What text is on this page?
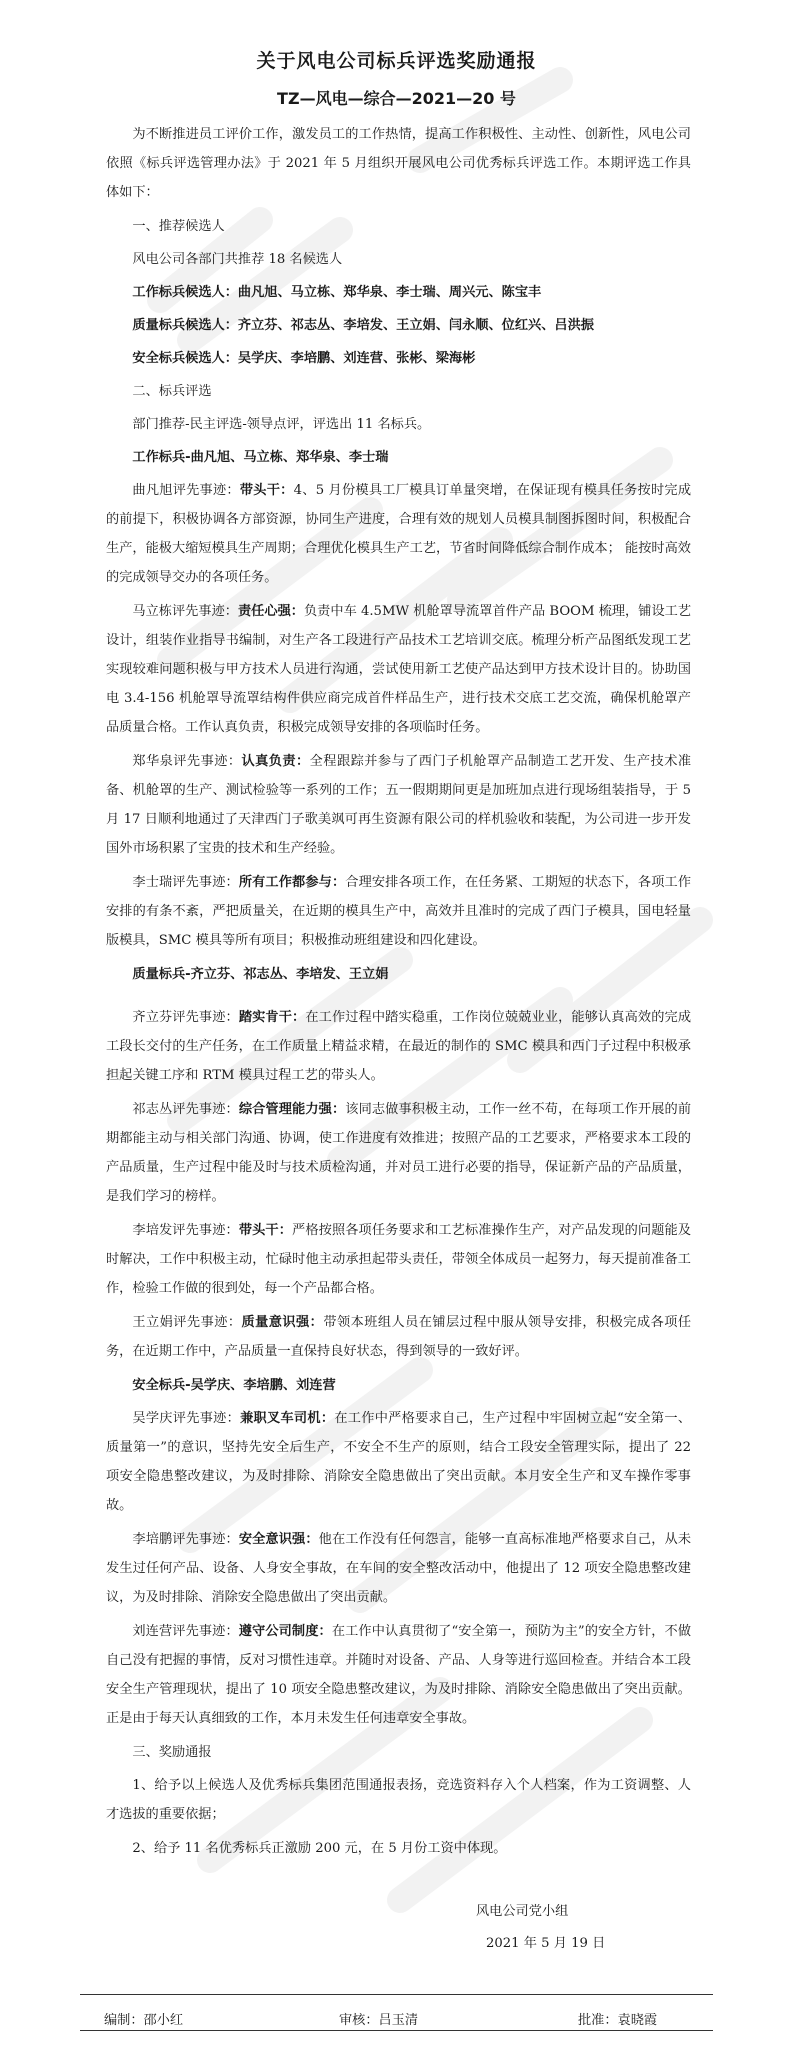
关于风电公司标兵评选奖励通报
TZ—风电—综合—2021—20 号

为不断推进员工评价工作，激发员工的工作热情，提高工作积极性、主动性、创新性，风电公司依照《标兵评选管理办法》于 2021 年 5 月组织开展风电公司优秀标兵评选工作。本期评选工作具体如下：

一、推荐候选人

风电公司各部门共推荐 18 名候选人

工作标兵候选人：曲凡旭、马立栋、郑华泉、李士瑞、周兴元、陈宝丰

质量标兵候选人：齐立芬、祁志丛、李培发、王立娟、闫永顺、位红兴、吕洪振

安全标兵候选人：吴学庆、李培鹏、刘连营、张彬、梁海彬

二、标兵评选

部门推荐-民主评选-领导点评，评选出 11 名标兵。

工作标兵-曲凡旭、马立栋、郑华泉、李士瑞

曲凡旭评先事迹：带头干：4、5 月份模具工厂模具订单量突增，在保证现有模具任务按时完成的前提下，积极协调各方部资源，协同生产进度，合理有效的规划人员模具制图拆图时间，积极配合生产，能极大缩短模具生产周期；合理优化模具生产工艺，节省时间降低综合制作成本； 能按时高效的完成领导交办的各项任务。

马立栋评先事迹：责任心强：负责中车 4.5MW 机舱罩导流罩首件产品 BOOM 梳理，铺设工艺设计，组装作业指导书编制，对生产各工段进行产品技术工艺培训交底。梳理分析产品图纸发现工艺实现较难问题积极与甲方技术人员进行沟通，尝试使用新工艺使产品达到甲方技术设计目的。协助国电 3.4-156 机舱罩导流罩结构件供应商完成首件样品生产，进行技术交底工艺交流，确保机舱罩产品质量合格。工作认真负责，积极完成领导安排的各项临时任务。

郑华泉评先事迹：认真负责：全程跟踪并参与了西门子机舱罩产品制造工艺开发、生产技术准备、机舱罩的生产、测试检验等一系列的工作；五一假期期间更是加班加点进行现场组装指导，于 5 月 17 日顺利地通过了天津西门子歌美飒可再生资源有限公司的样机验收和装配，为公司进一步开发国外市场积累了宝贵的技术和生产经验。

李士瑞评先事迹：所有工作都参与：合理安排各项工作，在任务紧、工期短的状态下，各项工作安排的有条不紊，严把质量关，在近期的模具生产中，高效并且准时的完成了西门子模具，国电轻量版模具，SMC 模具等所有项目；积极推动班组建设和四化建设。

质量标兵-齐立芬、祁志丛、李培发、王立娟

齐立芬评先事迹：踏实肯干：在工作过程中踏实稳重，工作岗位兢兢业业，能够认真高效的完成工段长交付的生产任务，在工作质量上精益求精，在最近的制作的 SMC 模具和西门子过程中积极承担起关键工序和 RTM 模具过程工艺的带头人。

祁志丛评先事迹：综合管理能力强：该同志做事积极主动，工作一丝不苟，在每项工作开展的前期都能主动与相关部门沟通、协调，使工作进度有效推进；按照产品的工艺要求，严格要求本工段的产品质量，生产过程中能及时与技术质检沟通，并对员工进行必要的指导，保证新产品的产品质量，是我们学习的榜样。

李培发评先事迹：带头干：严格按照各项任务要求和工艺标准操作生产，对产品发现的问题能及时解决，工作中积极主动，忙碌时他主动承担起带头责任，带领全体成员一起努力，每天提前准备工作，检验工作做的很到处，每一个产品都合格。

王立娟评先事迹：质量意识强：带领本班组人员在铺层过程中服从领导安排，积极完成各项任务，在近期工作中，产品质量一直保持良好状态，得到领导的一致好评。

安全标兵-吴学庆、李培鹏、刘连营

吴学庆评先事迹：兼职叉车司机：在工作中严格要求自己，生产过程中牢固树立起“安全第一、质量第一”的意识，坚持先安全后生产，不安全不生产的原则，结合工段安全管理实际，提出了 22 项安全隐患整改建议，为及时排除、消除安全隐患做出了突出贡献。本月安全生产和叉车操作零事故。

李培鹏评先事迹：安全意识强：他在工作没有任何怨言，能够一直高标准地严格要求自己，从未发生过任何产品、设备、人身安全事故，在车间的安全整改活动中，他提出了 12 项安全隐患整改建议，为及时排除、消除安全隐患做出了突出贡献。

刘连营评先事迹：遵守公司制度：在工作中认真贯彻了“安全第一，预防为主”的安全方针，不做自己没有把握的事情，反对习惯性违章。并随时对设备、产品、人身等进行巡回检查。并结合本工段安全生产管理现状，提出了 10 项安全隐患整改建议，为及时排除、消除安全隐患做出了突出贡献。正是由于每天认真细致的工作，本月未发生任何违章安全事故。

三、奖励通报

1、给予以上候选人及优秀标兵集团范围通报表扬，竞选资料存入个人档案，作为工资调整、人才选拔的重要依据；

2、给予 11 名优秀标兵正激励 200 元，在 5 月份工资中体现。

风电公司党小组
2021 年 5 月 19 日
编制：邵小红	审核：吕玉清	批准：袁晓霞
